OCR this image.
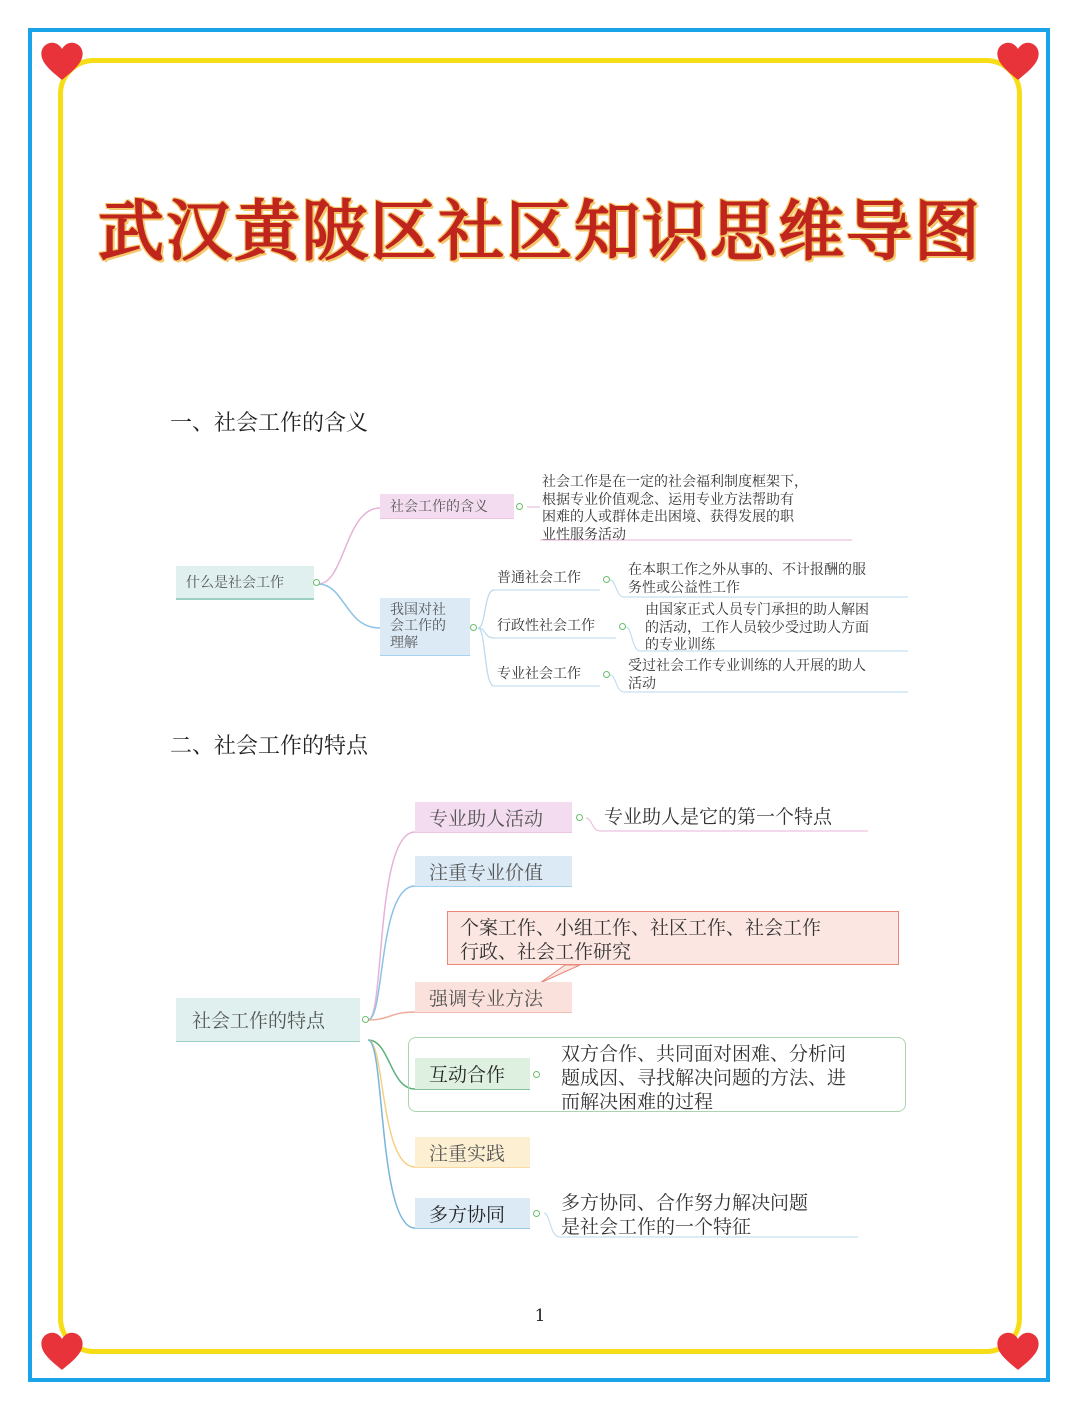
武汉黄陂区社区知识思维导图
一、社会工作的含义
二、社会工作的特点
什么是社会工作
社会工作的含义
社会工作是在一定的社会福利制度框架下，
根据专业价值观念、运用专业方法帮助有
困难的人或群体走出困境、获得发展的职
业性服务活动
我国对社
会工作的
理解
普通社会工作	在本职工作之外从事的、不计报酬的服
务性或公益性工作
行政性社会工作
由国家正式人员专门承担的助人解困
的活动，工作人员较少受过助人方面
的专业训练
专业社会工作	受过社会工作专业训练的人开展的助人
活动
社会工作的特点
专业助人活动	专业助人是它的第一个特点
注重专业价值
个案工作、小组工作、社区工作、社会工作
行政、社会工作研究
强调专业方法
互动合作
双方合作、共同面对困难、分析问
题成因、寻找解决问题的方法、进
而解决困难的过程
注重实践
多方协同
多方协同、合作努力解决问题
是社会工作的一个特征
1
